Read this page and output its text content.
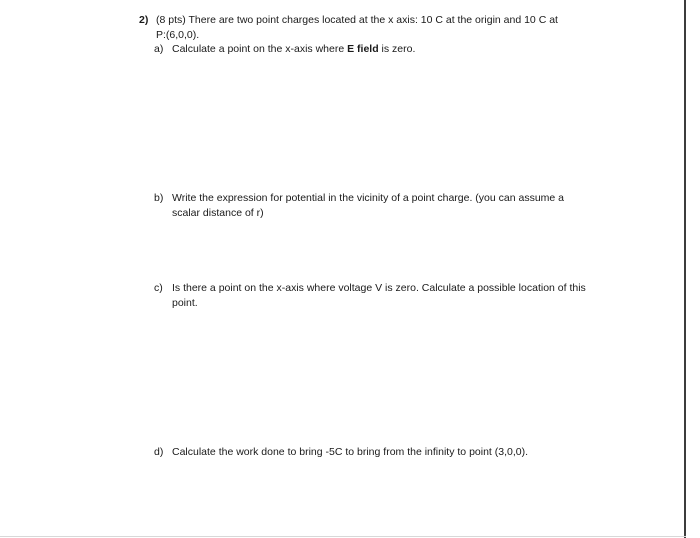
2) (8 pts) There are two point charges located at the x axis: 10 C at the origin and 10 C at
P:(6,0,0).
a) Calculate a point on the x-axis where E field is zero.
b) Write the expression for potential in the vicinity of a point charge. (you can assume a
scalar distance of r)
c) Is there a point on the x-axis where voltage V is zero. Calculate a possible location of this
point.
d) Calculate the work done to bring -5C to bring from the infinity to point (3,0,0).
